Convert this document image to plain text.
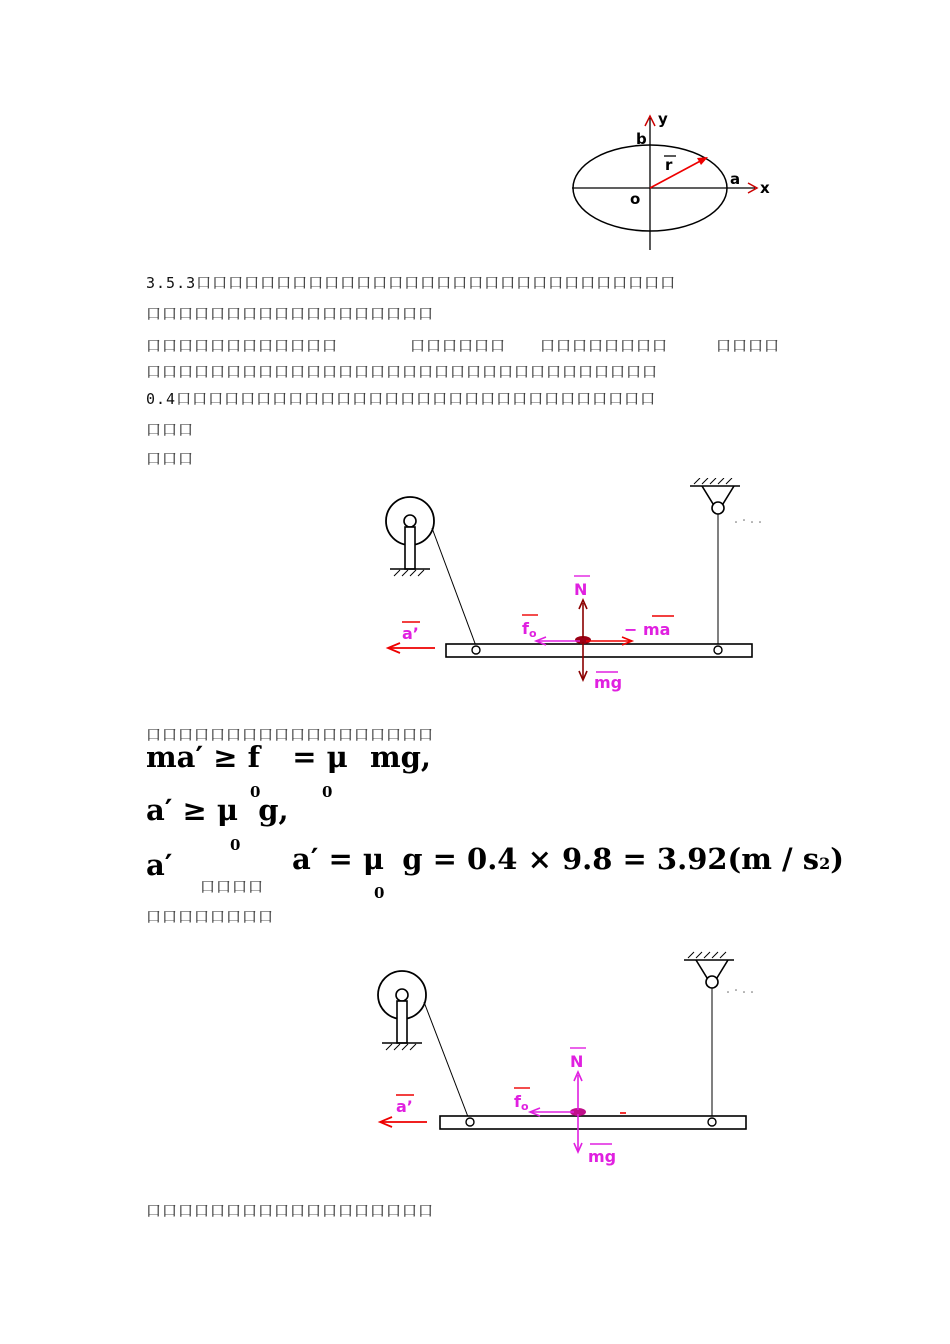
y
x
b
a
o
r
3.5.3口口口口口口口口口口口口口口口口口口口口口口口口口口口口口口
口口口口口口口口口口口口口口口口口口
口口口口口口口口口口口口	口口口口口口 口口口口口口口口	口口口口
口口口口口口口口口口口口口口口口口口口口口口口口口口口口口口口口
0.4口口口口口口口口口口口口口口口口口口口口口口口口口口口口口口
口口口
口口口
N
mg
fo	− ma
a’
口口口口口口口口口口口口口口口口口口
ma′ ≥ f = μ mg,
0	0
a′ ≥ μ g,
0
a′
口口口口
a′ = μ g = 0.4 × 9.8 = 3.92(m / s2)
0
口口口口口口口口
N
mg
fo
a’
口口口口口口口口口口口口口口口口口口
